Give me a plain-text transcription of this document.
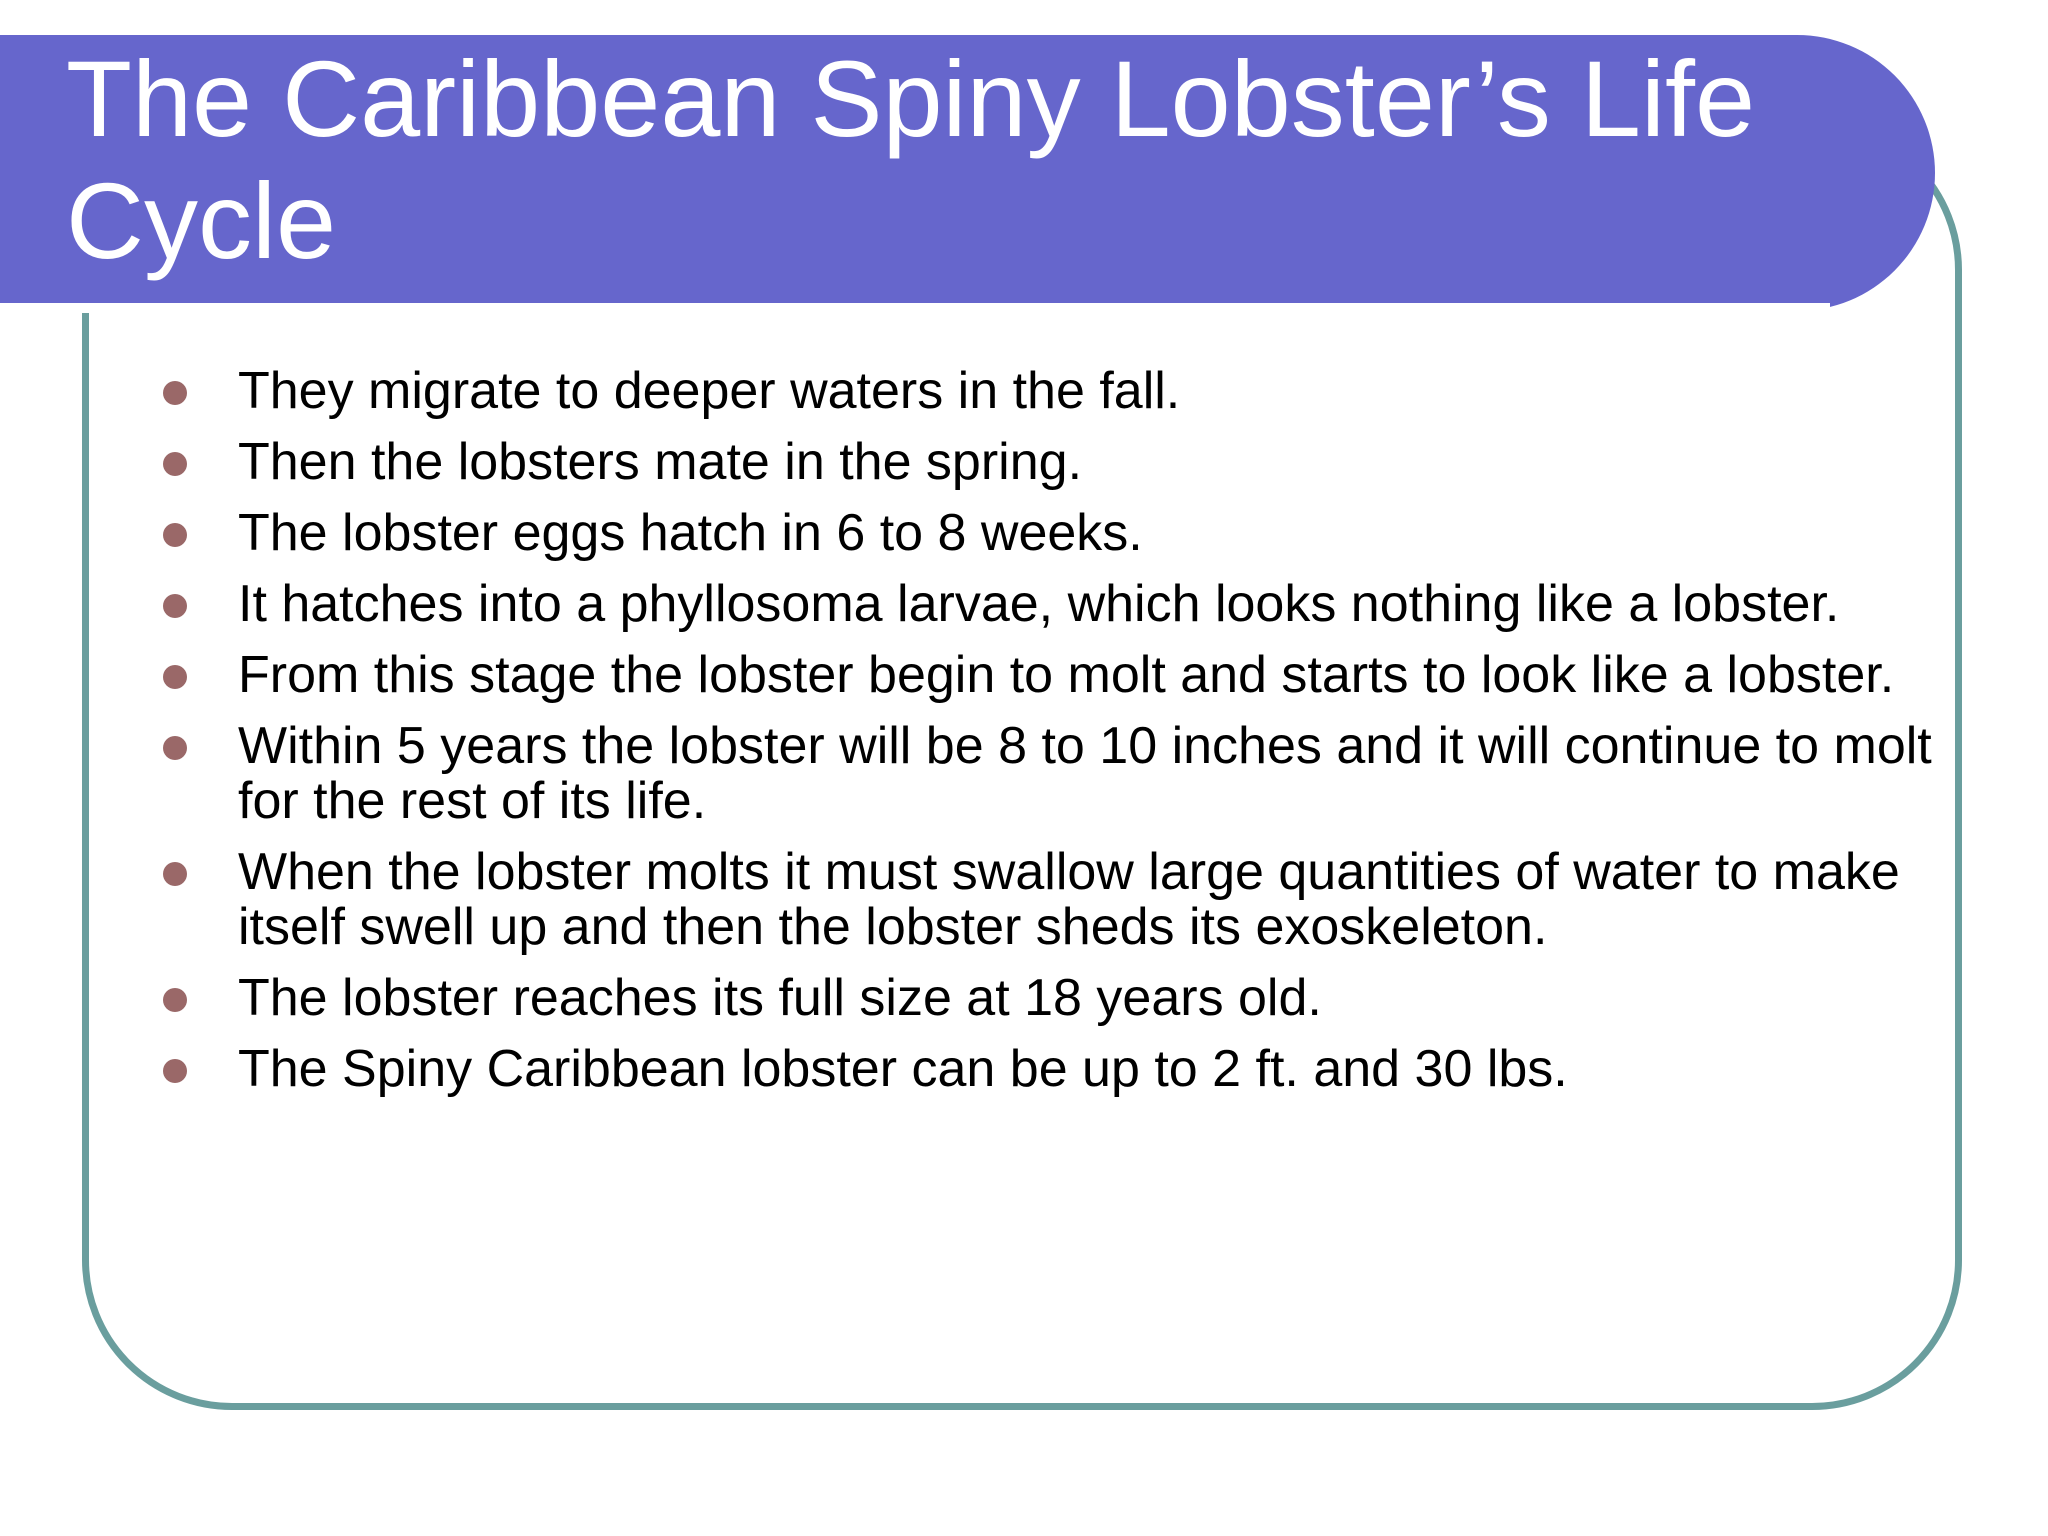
The Caribbean Spiny Lobster’s Life Cycle
They migrate to deeper waters in the fall.
Then the lobsters mate in the spring.
The lobster eggs hatch in 6 to 8 weeks.
It hatches into a phyllosoma larvae, which looks nothing like a lobster.
From this stage the lobster begin to molt and starts to look like a lobster.
Within 5 years the lobster will be 8 to 10 inches and it will continue to molt for the rest of its life.
When the lobster molts it must swallow large quantities of water to make itself swell up and then the lobster sheds its exoskeleton.
The lobster reaches its full size at 18 years old.
The Spiny Caribbean lobster can be up to 2 ft. and 30 lbs.
